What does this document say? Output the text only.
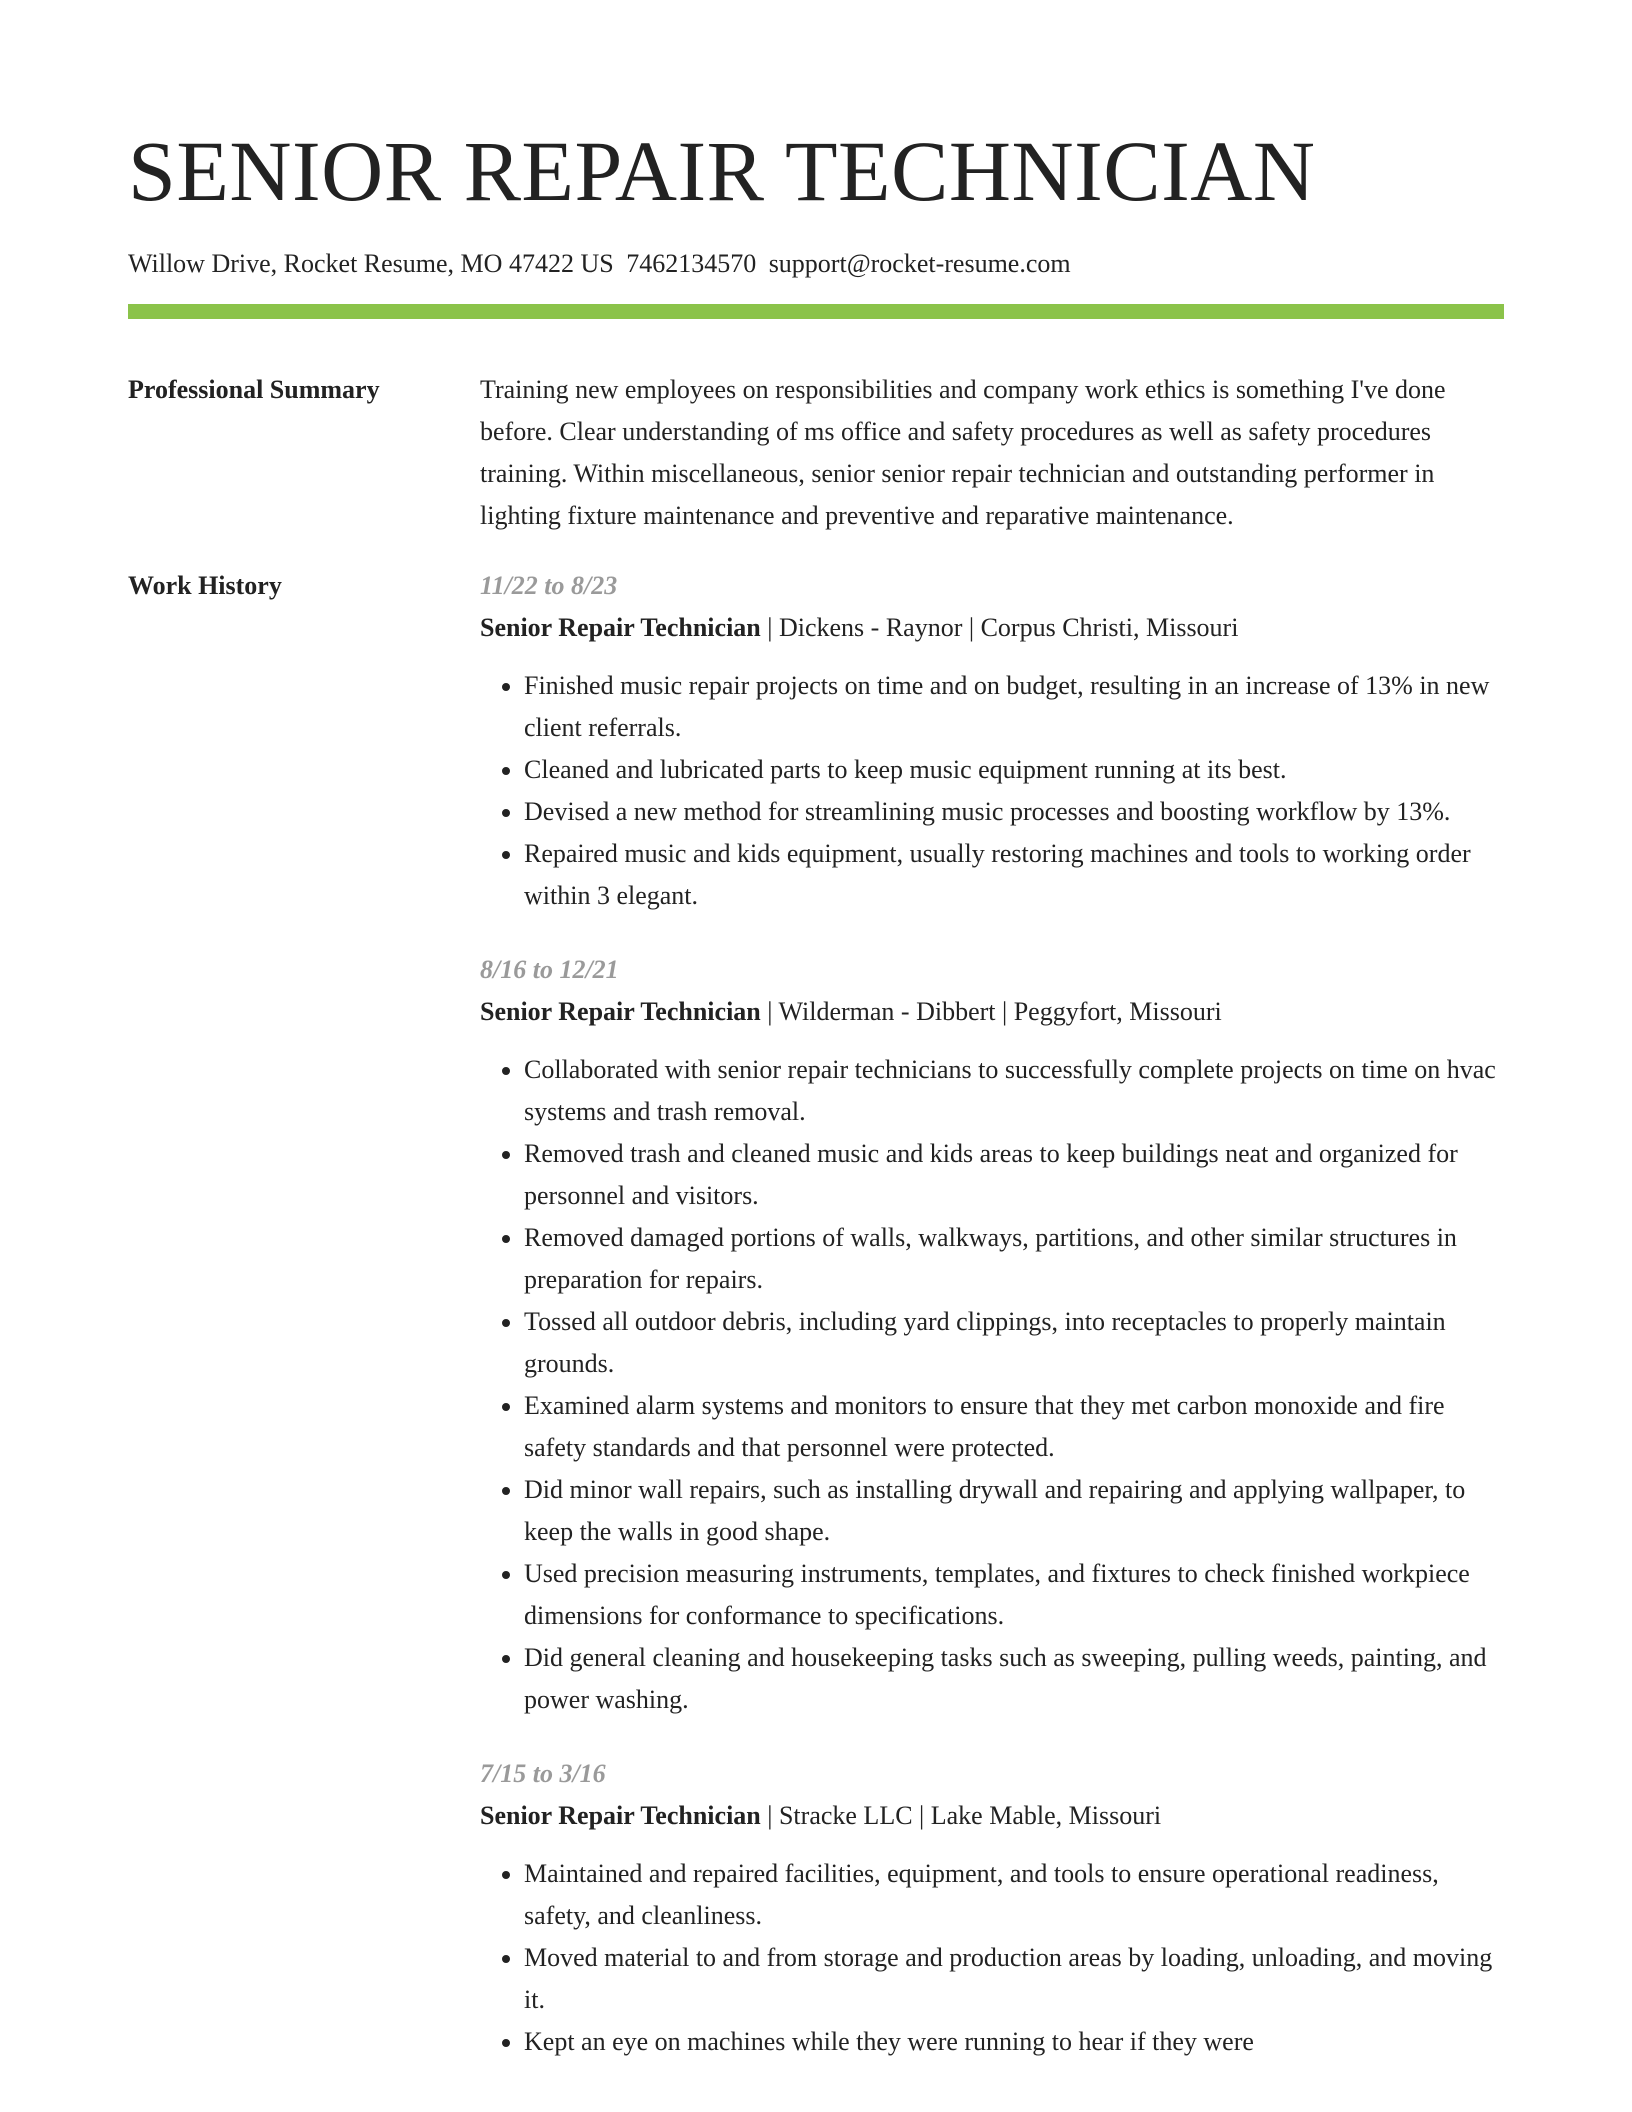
SENIOR REPAIR TECHNICIAN
Willow Drive, Rocket Resume, MO 47422 US 7462134570 support@rocket-resume.com
Professional Summary	Training new employees on responsibilities and company work ethics is something I've done before. Clear understanding of ms office and safety procedures as well as safety procedures training. Within miscellaneous, senior senior repair technician and outstanding performer in lighting fixture maintenance and preventive and reparative maintenance.

Work History	11/22 to 8/23
Senior Repair Technician | Dickens - Raynor | Corpus Christi, Missouri
• Finished music repair projects on time and on budget, resulting in an increase of 13% in new client referrals.
• Cleaned and lubricated parts to keep music equipment running at its best.
• Devised a new method for streamlining music processes and boosting workflow by 13%.
• Repaired music and kids equipment, usually restoring machines and tools to working order within 3 elegant.
8/16 to 12/21
Senior Repair Technician | Wilderman - Dibbert | Peggyfort, Missouri
• Collaborated with senior repair technicians to successfully complete projects on time on hvac systems and trash removal.
• Removed trash and cleaned music and kids areas to keep buildings neat and organized for personnel and visitors.
• Removed damaged portions of walls, walkways, partitions, and other similar structures in preparation for repairs.
• Tossed all outdoor debris, including yard clippings, into receptacles to properly maintain grounds.
• Examined alarm systems and monitors to ensure that they met carbon monoxide and fire safety standards and that personnel were protected.
• Did minor wall repairs, such as installing drywall and repairing and applying wallpaper, to keep the walls in good shape.
• Used precision measuring instruments, templates, and fixtures to check finished workpiece dimensions for conformance to specifications.
• Did general cleaning and housekeeping tasks such as sweeping, pulling weeds, painting, and power washing.
7/15 to 3/16
Senior Repair Technician | Stracke LLC | Lake Mable, Missouri
• Maintained and repaired facilities, equipment, and tools to ensure operational readiness, safety, and cleanliness.
• Moved material to and from storage and production areas by loading, unloading, and moving it.
• Kept an eye on machines while they were running to hear if they were
